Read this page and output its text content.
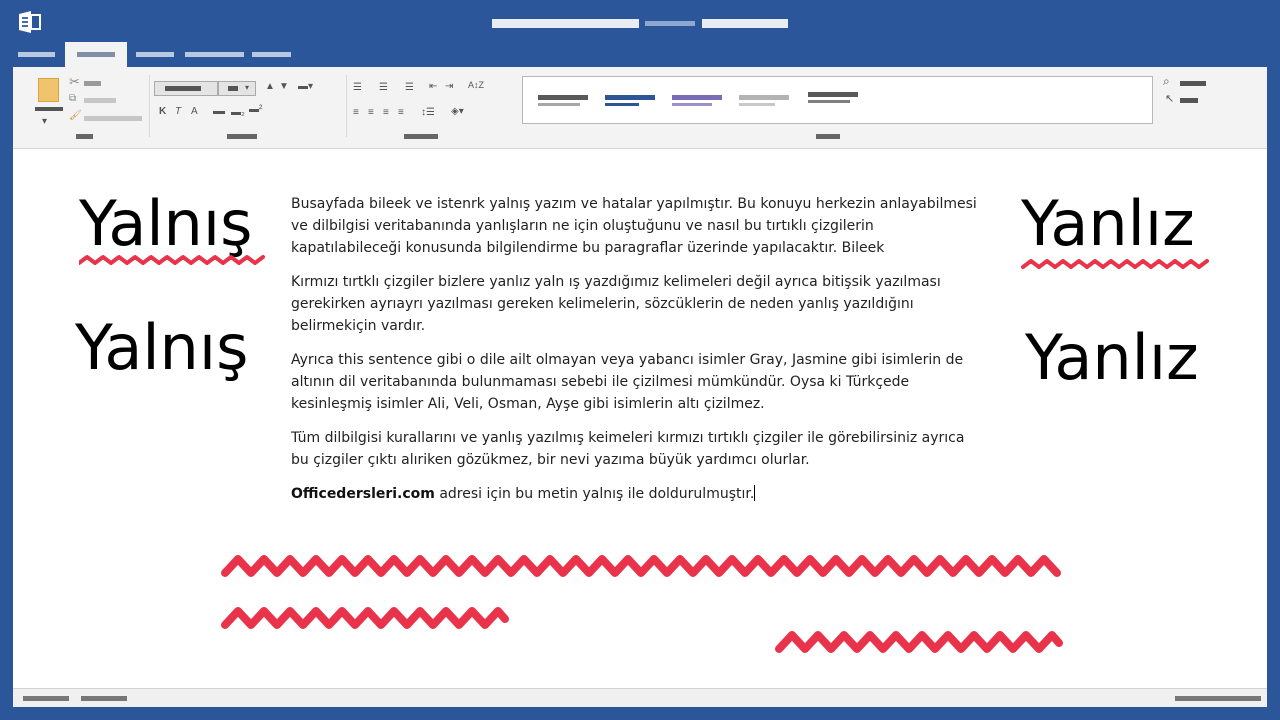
▾
✂
⧉
🖌
▾ ▲ ▼ ▬▾
K T A	▬₂ ▬²
☰ ☰ ☰ ⇤ ⇥ A↕Z
≡ ≡ ≡ ≡ ↕☰ ◈▾
⌕
↖
Yalnış
Yalnış
Yanlız
Yanlız

Busayfada bileek ve istenrk yalnış yazım ve hatalar yapılmıştır. Bu konuyu herkezin anlayabilmesi ve dilbilgisi veritabanında yanlışların ne için oluştuğunu ve nasıl bu tırtıklı çizgilerin kapatılabileceği konusunda bilgilendirme bu paragraflar üzerinde yapılacaktır. Bileek

Kırmızı tırtklı çizgiler bizlere yanlız yaln ış yazdığımız kelimeleri değil ayrıca bitişsik yazılması gerekirken ayrıayrı yazılması gereken kelimelerin, sözcüklerin de neden yanlış yazıldığını belirmekiçin vardır.

Ayrıca this sentence gibi o dile ailt olmayan veya yabancı isimler Gray, Jasmine gibi isimlerin de altının dil veritabanında bulunmaması sebebi ile çizilmesi mümkündür. Oysa ki Türkçede kesinleşmiş isimler Ali, Veli, Osman, Ayşe gibi isimlerin altı çizilmez.

Tüm dilbilgisi kurallarını ve yanlış yazılmış keimeleri kırmızı tırtıklı çizgiler ile görebilirsiniz ayrıca bu çizgiler çıktı alıriken gözükmez, bir nevi yazıma büyük yardımcı olurlar.

Officedersleri.com adresi için bu metin yalnış ile doldurulmuştır.
